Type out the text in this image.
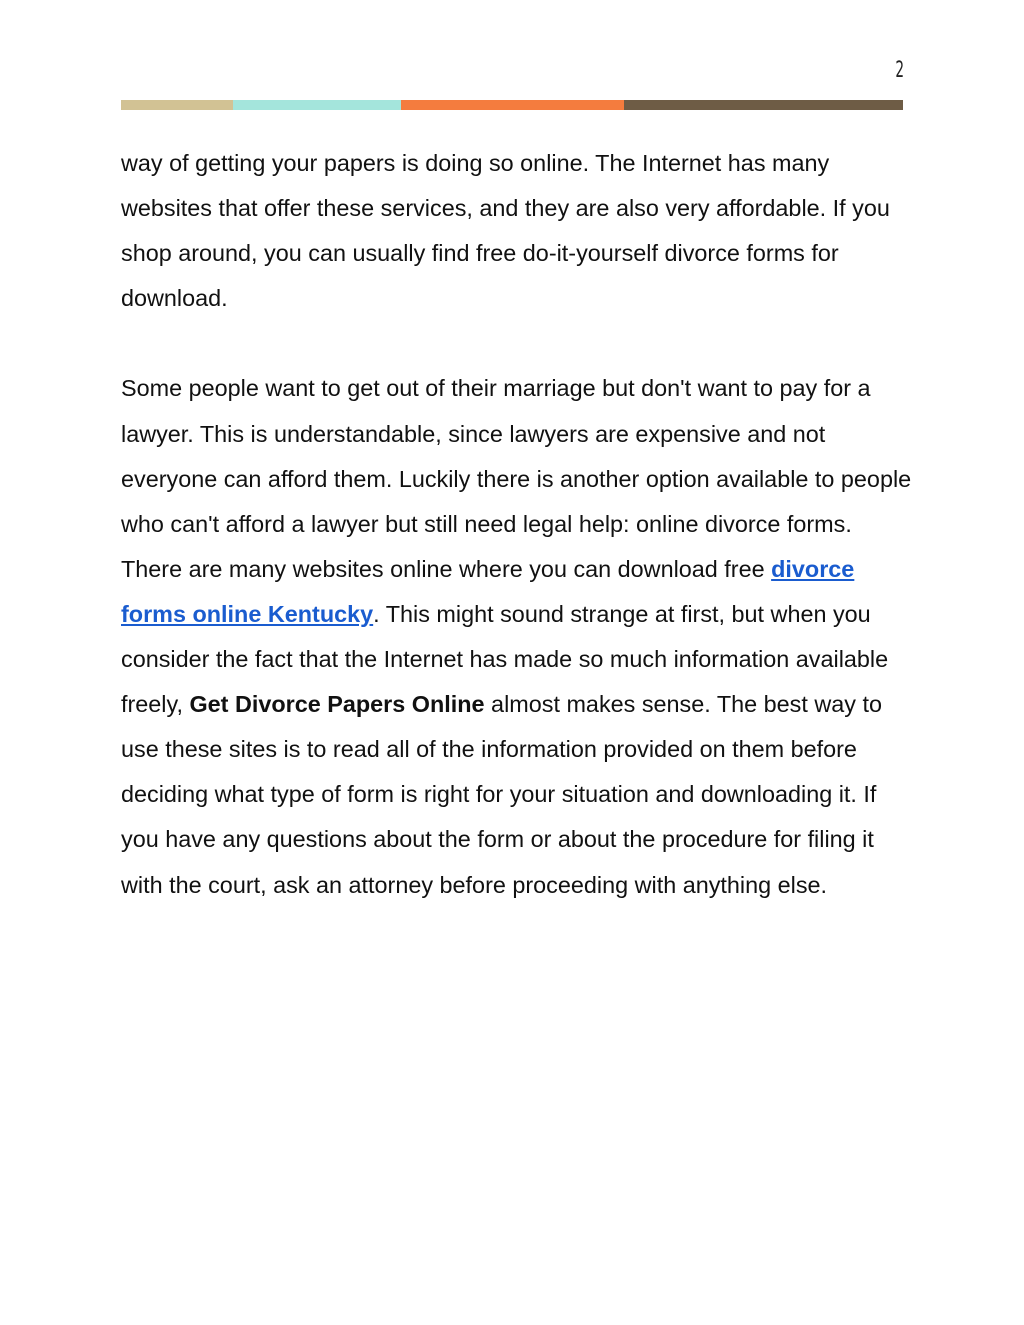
2

way of getting your papers is doing so online. The Internet has many websites that offer these services, and they are also very affordable. If you shop around, you can usually find free do-it-yourself divorce forms for download.

Some people want to get out of their marriage but don't want to pay for a lawyer. This is understandable, since lawyers are expensive and not everyone can afford them. Luckily there is another option available to people who can't afford a lawyer but still need legal help: online divorce forms. There are many websites online where you can download free divorce forms online Kentucky. This might sound strange at first, but when you consider the fact that the Internet has made so much information available freely, Get Divorce Papers Online almost makes sense. The best way to use these sites is to read all of the information provided on them before deciding what type of form is right for your situation and downloading it. If you have any questions about the form or about the procedure for filing it with the court, ask an attorney before proceeding with anything else.
